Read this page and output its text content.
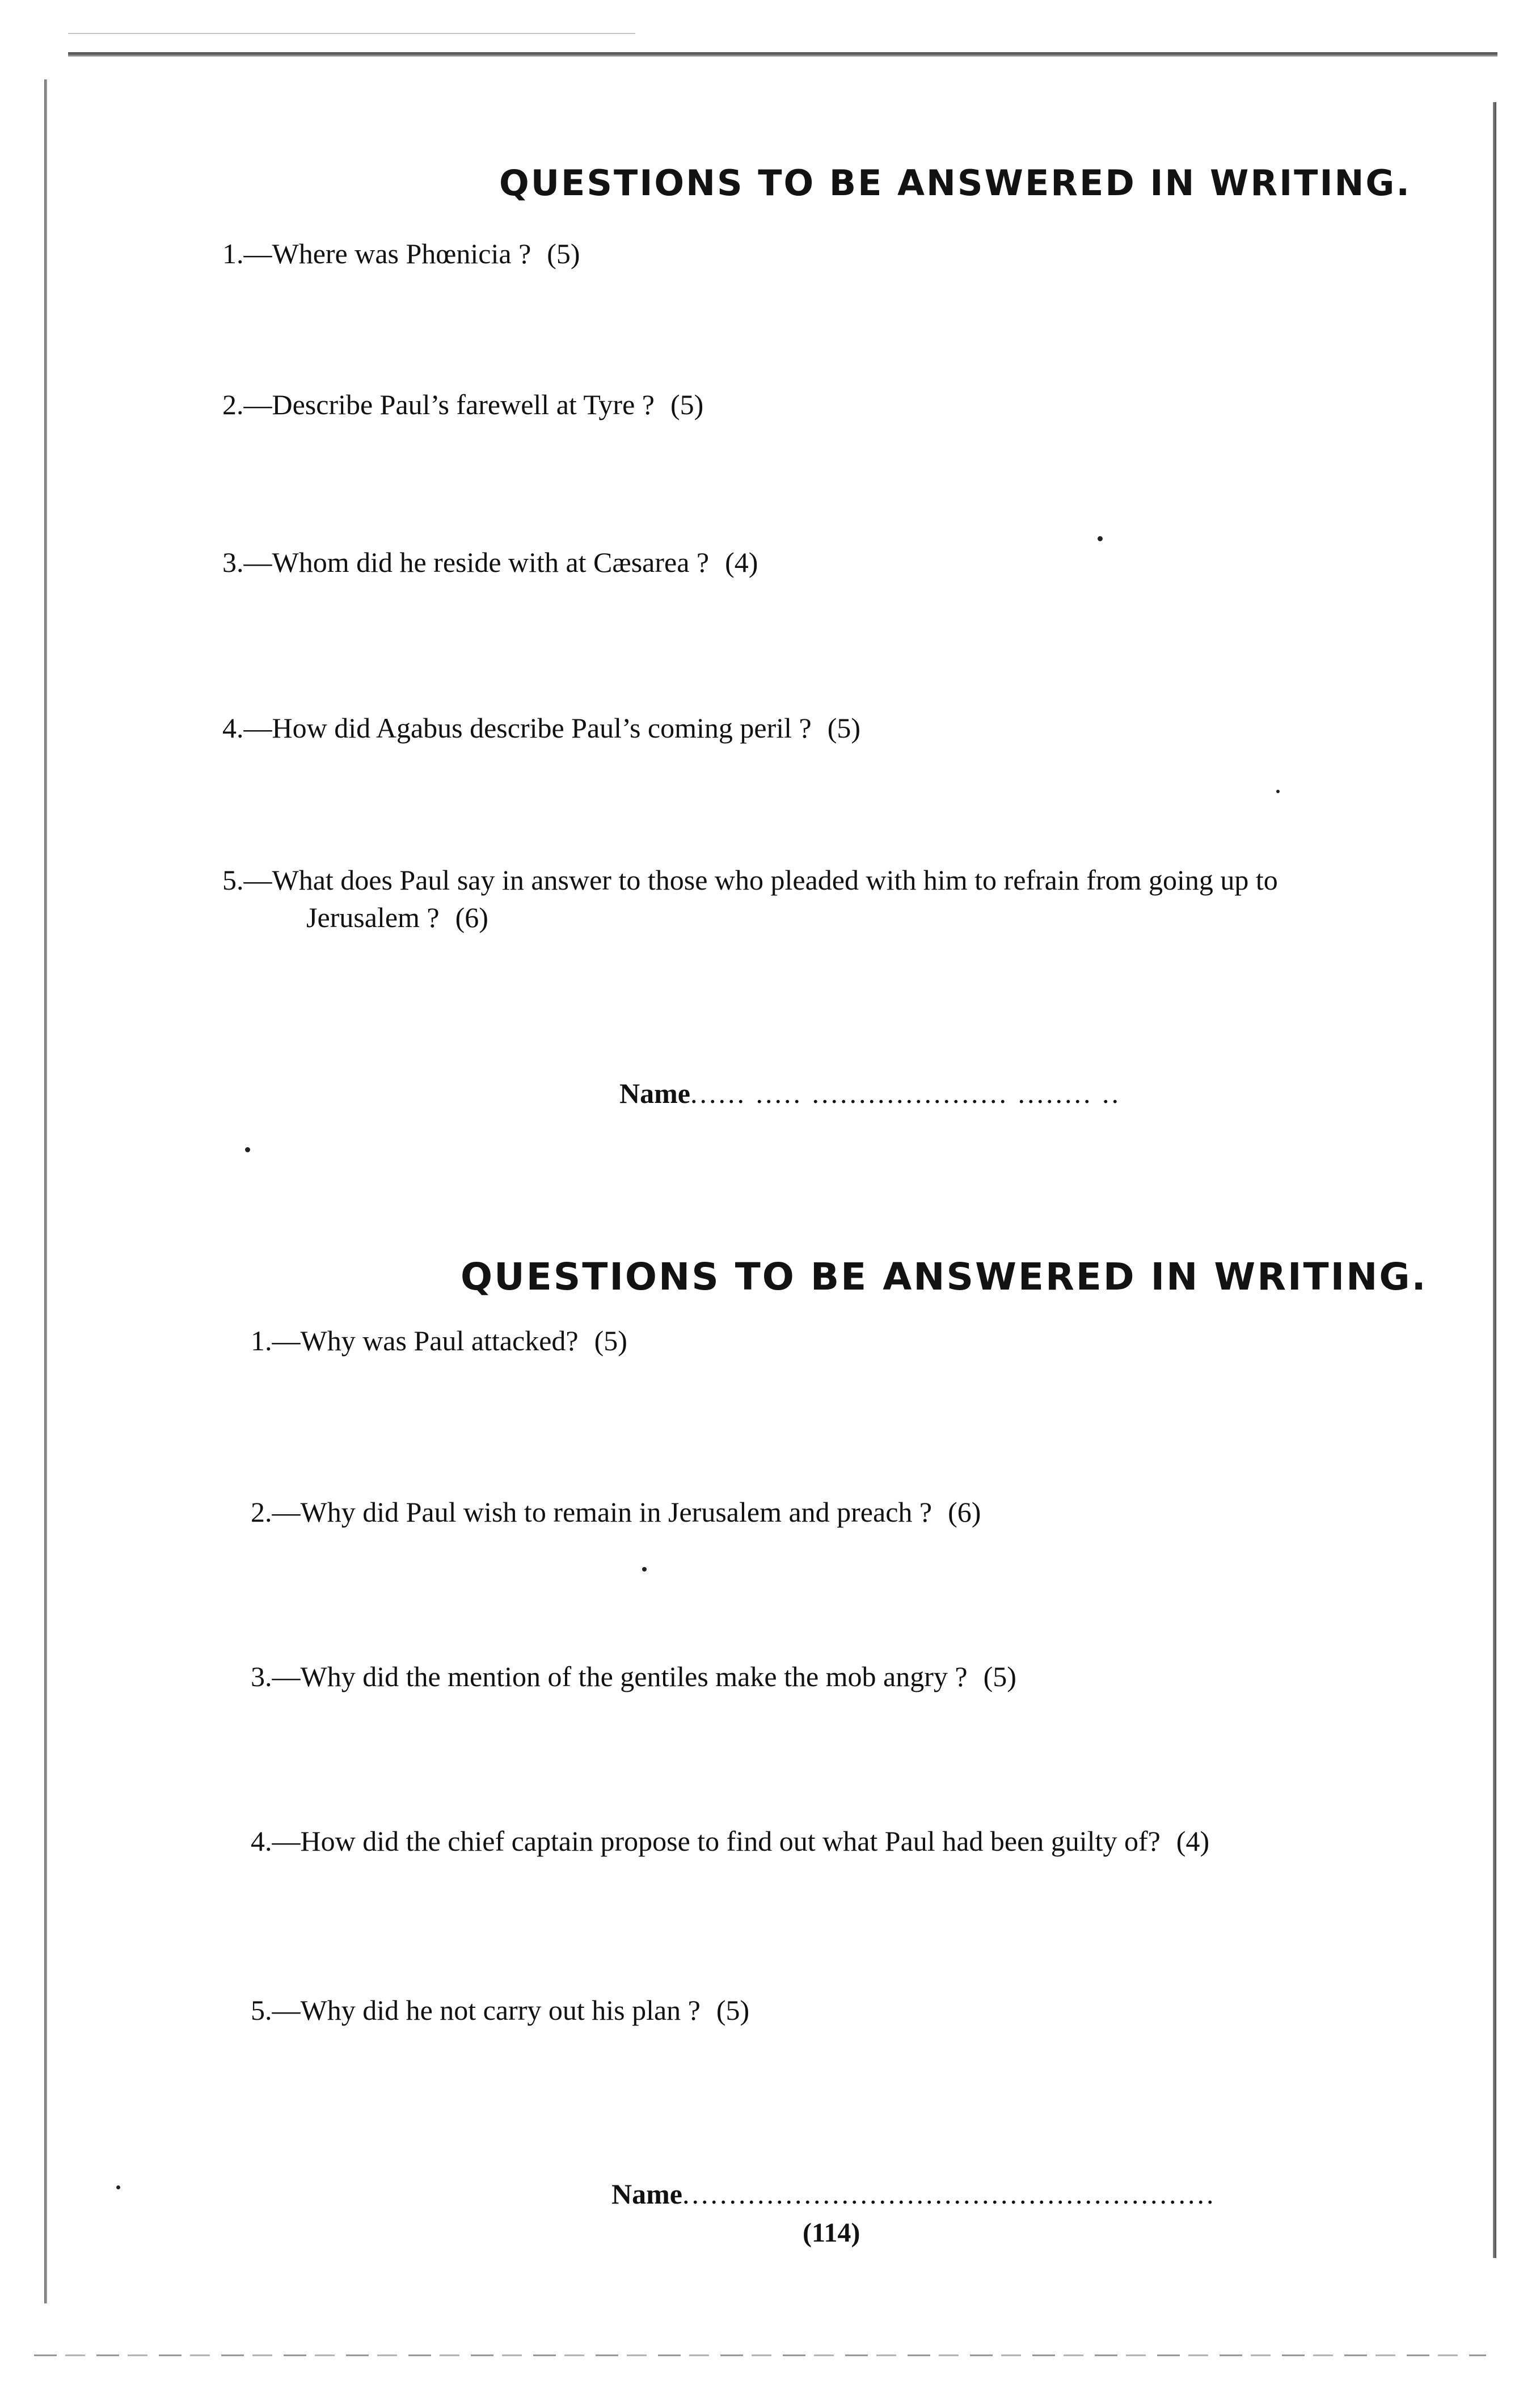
QUESTIONS TO BE ANSWERED IN WRITING.
1.—Where was Phœnicia ? (5)
2.—Describe Paul’s farewell at Tyre ? (5)
3.—Whom did he reside with at Cæsarea ? (4)
4.—How did Agabus describe Paul’s coming peril ? (5)
5.—What does Paul say in answer to those who pleaded with him to refrain from going up to
Jerusalem ? (6)
Name...... ..... ..................... ........ ..
QUESTIONS TO BE ANSWERED IN WRITING.
1.—Why was Paul attacked? (5)
2.—Why did Paul wish to remain in Jerusalem and preach ? (6)
3.—Why did the mention of the gentiles make the mob angry ? (5)
4.—How did the chief captain propose to find out what Paul had been guilty of? (4)
5.—Why did he not carry out his plan ? (5)
Name.........................................................
(114)
